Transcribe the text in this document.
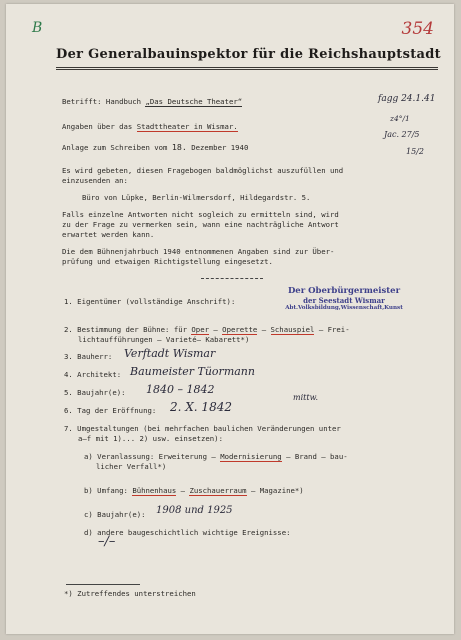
B	354
Der Generalbauinspektor für die Reichshauptstadt
Betrifft: Handbuch „Das Deutsche Theater“
Angaben über das Stadttheater in Wismar.
Anlage zum Schreiben vom 18. Dezember 1940
Es wird gebeten, diesen Fragebogen baldmöglichst auszufüllen und
einzusenden an:
Büro von Lüpke, Berlin-Wilmersdorf, Hildegardstr. 5.
Falls einzelne Antworten nicht sogleich zu ermitteln sind, wird
zu der Frage zu vermerken sein, wann eine nachträgliche Antwort
erwartet werden kann.
Die dem Bühnenjahrbuch 1940 entnommenen Angaben sind zur Über-
prüfung und etwaigen Richtigstellung eingesetzt.
1. Eigentümer (vollständige Anschrift):
Der Oberbürgermeister
der Seestadt Wismar
Abt.Volksbildung,Wissenschaft,Kunst
2. Bestimmung der Bühne: für Oper — Operette — Schauspiel — Frei-
lichtaufführungen — Varieté— Kabarett*)
3. Bauherr: Verftadt Wismar
4. Architekt: Baumeister Tüormann
5. Baujahr(e): 1840 – 1842
6. Tag der Eröffnung: 2. X. 1842
mittw.
7. Umgestaltungen (bei mehrfachen baulichen Veränderungen unter
a—f mit 1)... 2) usw. einsetzen):
a) Veranlassung: Erweiterung — Modernisierung — Brand — bau-
licher Verfall*)
b) Umfang: Bühnenhaus — Zuschauerraum — Magazine*)
c) Baujahr(e): 1908 und 1925
d) andere baugeschichtlich wichtige Ereignisse:
–/–
fagg 24.1.41
z4°/1
Jac. 27/5
15/2
*) Zutreffendes unterstreichen
